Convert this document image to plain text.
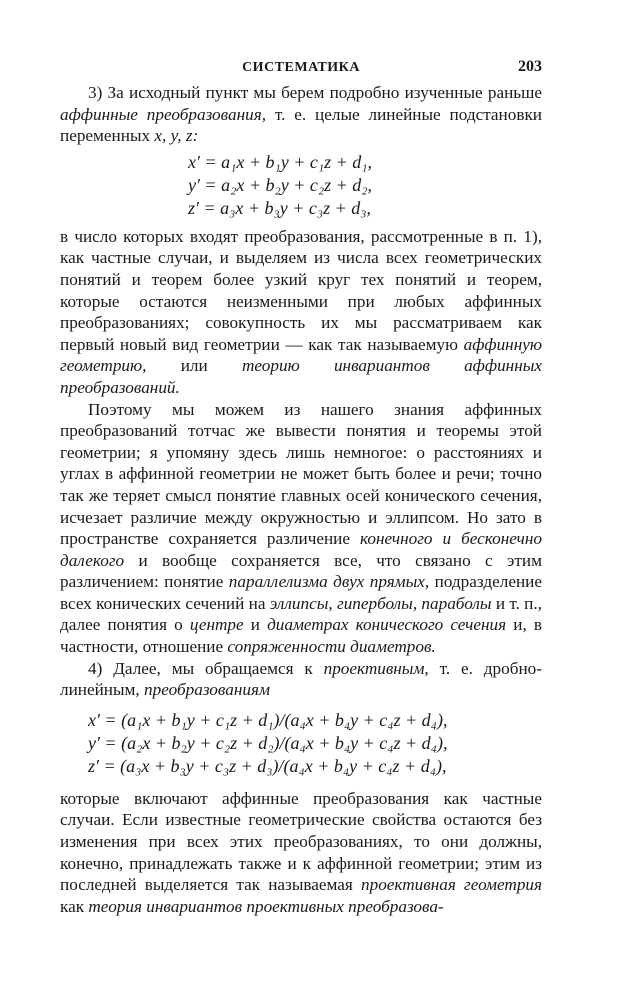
СИСТЕМАТИКА	203

3) За исходный пункт мы берем подробно изученные раньше аффинные преобразования, т. е. целые линейные подстановки переменных x, y, z:

x′ = a₁x + b₁y + c₁z + d₁,
y′ = a₂x + b₂y + c₂z + d₂,
z′ = a₃x + b₃y + c₃z + d₃,

в число которых входят преобразования, рассмотренные в п. 1), как частные случаи, и выделяем из числа всех геометрических понятий и теорем более узкий круг тех понятий и теорем, которые остаются неизменными при любых аффинных преобразованиях; совокупность их мы рассматриваем как первый новый вид геометрии — как так называемую аффинную геометрию, или теорию инвариантов аффинных преобразований.

Поэтому мы можем из нашего знания аффинных преобразований тотчас же вывести понятия и теоремы этой геометрии; я упомяну здесь лишь немногое: о расстояниях и углах в аффинной геометрии не может быть более и речи; точно так же теряет смысл понятие главных осей конического сечения, исчезает различие между окружностью и эллипсом. Но зато в пространстве сохраняется различение конечного и бесконечно далекого и вообще сохраняется все, что связано с этим различением: понятие параллелизма двух прямых, подразделение всех конических сечений на эллипсы, гиперболы, параболы и т. п., далее понятия о центре и диаметрах конического сечения и, в частности, отношение сопряженности диаметров.

4) Далее, мы обращаемся к проективным, т. е. дробно-линейным, преобразованиям

x′ = (a₁x + b₁y + c₁z + d₁)/(a₄x + b₄y + c₄z + d₄),
y′ = (a₂x + b₂y + c₂z + d₂)/(a₄x + b₄y + c₄z + d₄),
z′ = (a₃x + b₃y + c₃z + d₃)/(a₄x + b₄y + c₄z + d₄),

которые включают аффинные преобразования как частные случаи. Если известные геометрические свойства остаются без изменения при всех этих преобразованиях, то они должны, конечно, принадлежать также и к аффинной геометрии; этим из последней выделяется так называемая проективная геометрия как теория инвариантов проективных преобразова-
